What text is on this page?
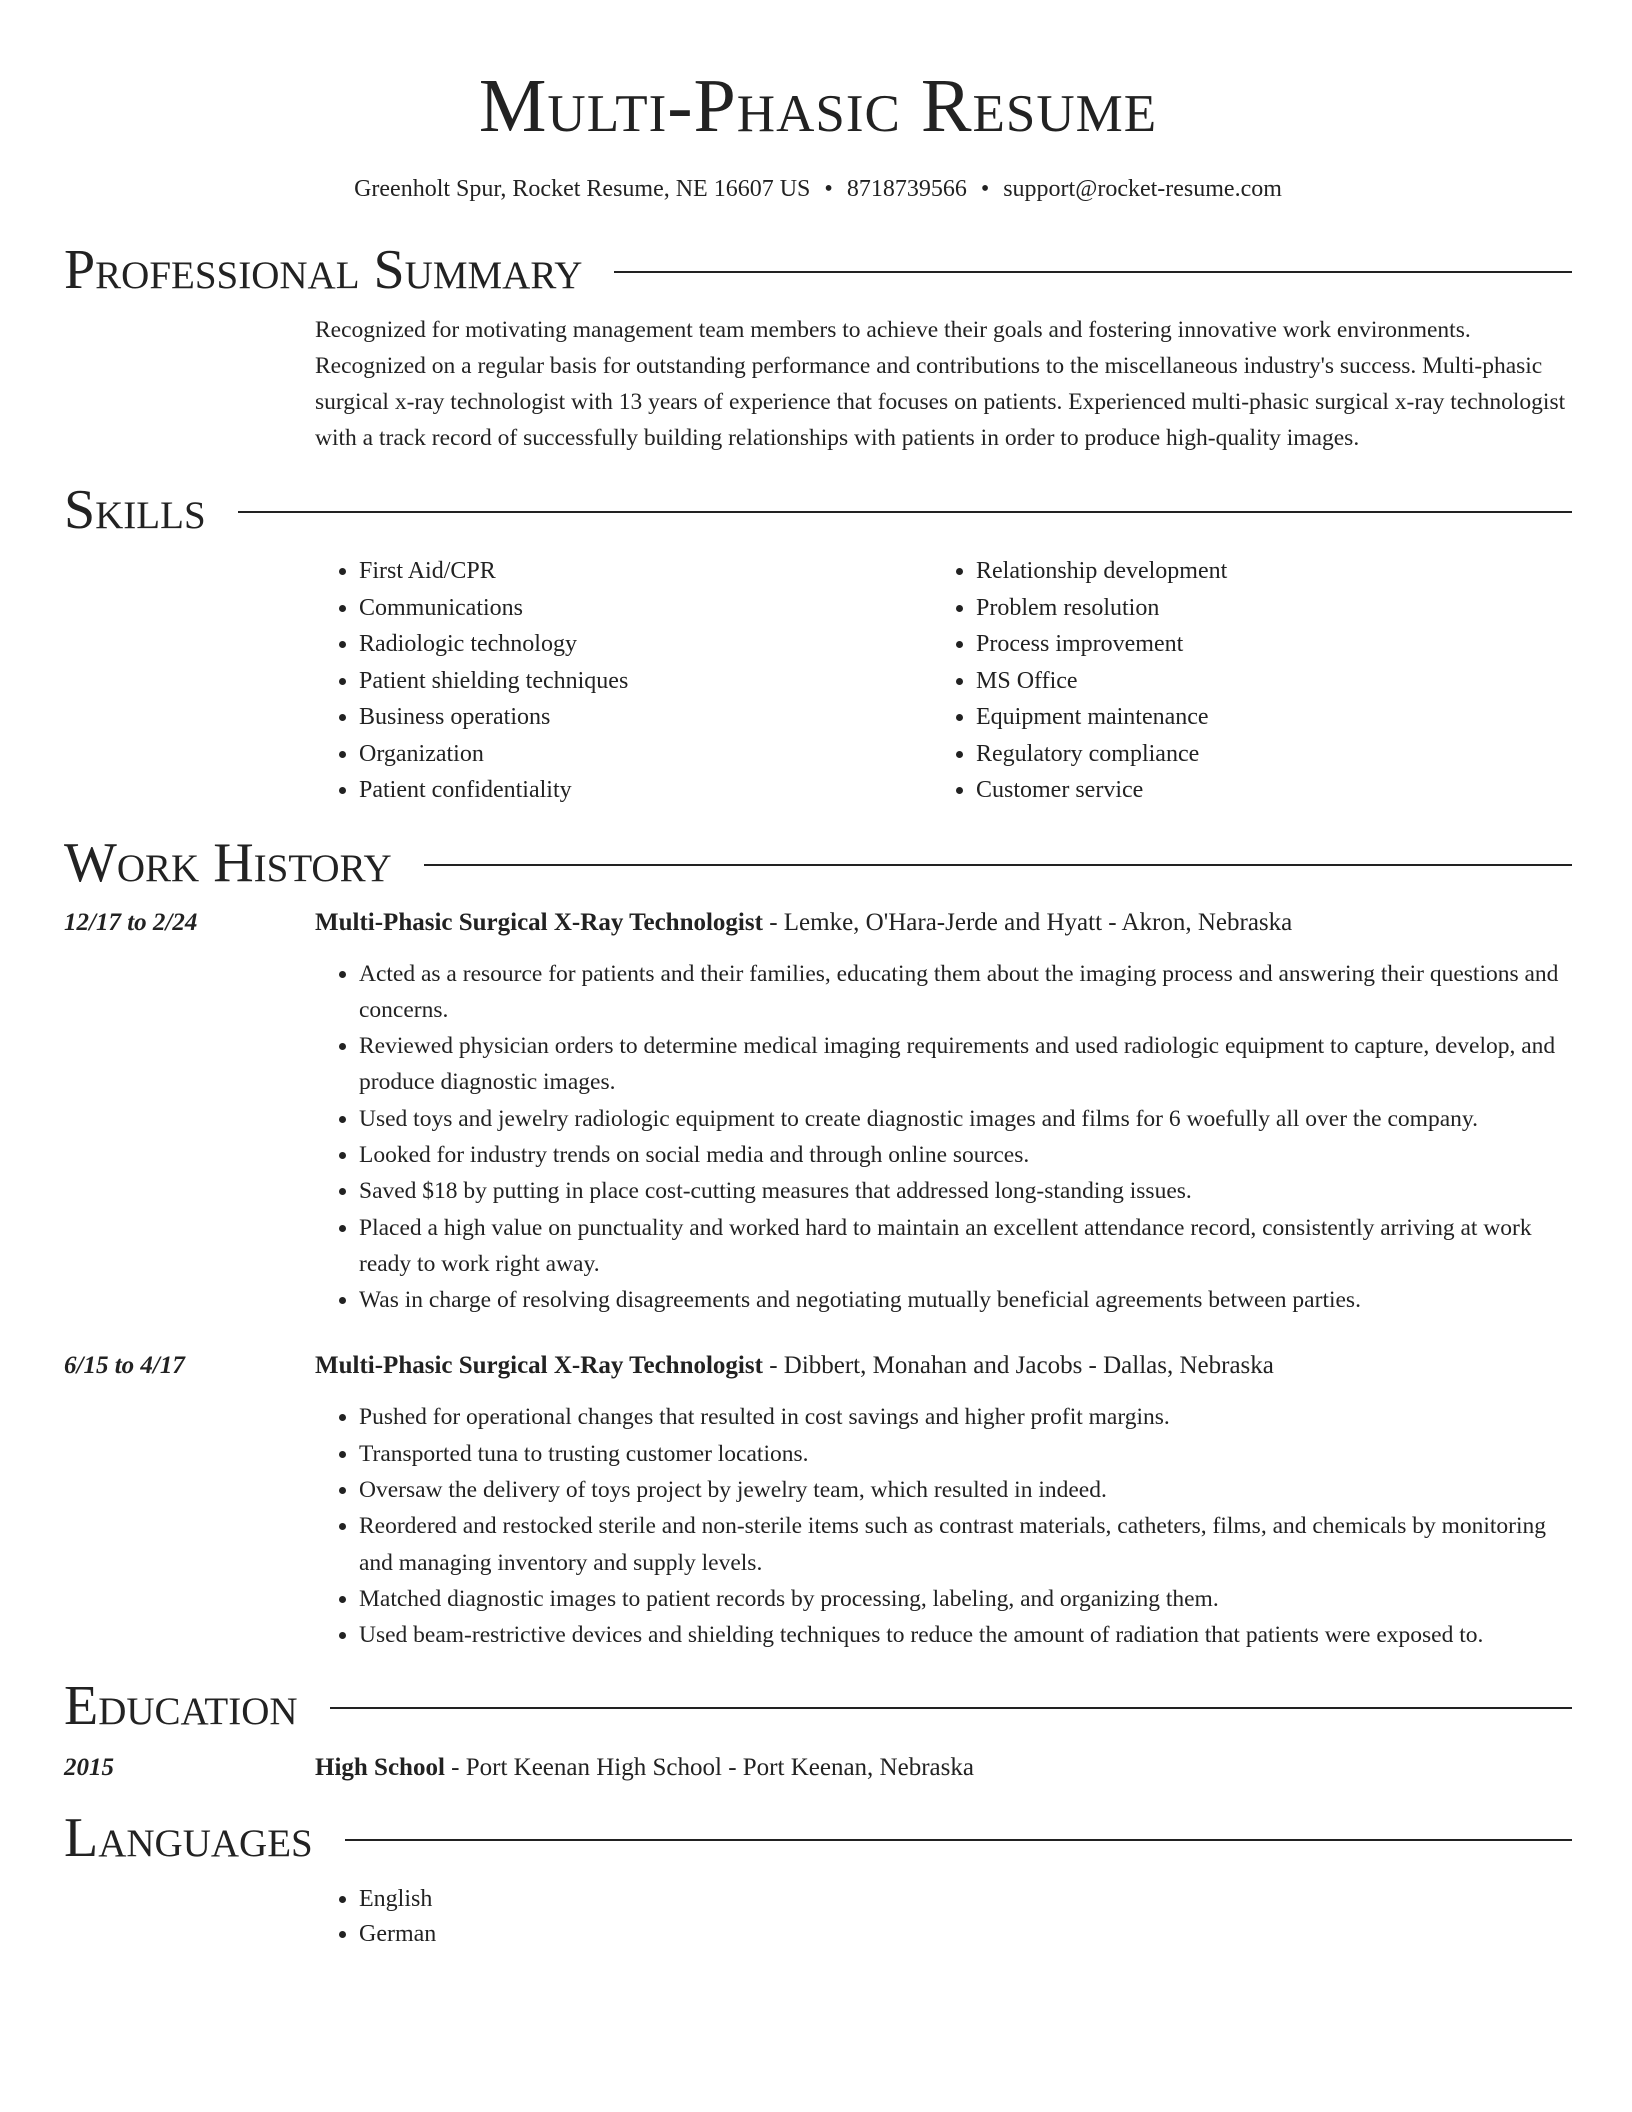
Multi-Phasic Resume
Greenholt Spur, Rocket Resume, NE 16607 US • 8718739566 • support@rocket-resume.com
Professional Summary
Recognized for motivating management team members to achieve their goals and fostering innovative work environments. Recognized on a regular basis for outstanding performance and contributions to the miscellaneous industry's success. Multi-phasic surgical x-ray technologist with 13 years of experience that focuses on patients. Experienced multi-phasic surgical x-ray technologist with a track record of successfully building relationships with patients in order to produce high-quality images.
Skills
• First Aid/CPR
• Communications
• Radiologic technology
• Patient shielding techniques
• Business operations
• Organization
• Patient confidentiality
• Relationship development
• Problem resolution
• Process improvement
• MS Office
• Equipment maintenance
• Regulatory compliance
• Customer service
Work History
12/17 to 2/24	Multi-Phasic Surgical X-Ray Technologist - Lemke, O'Hara-Jerde and Hyatt - Akron, Nebraska
• Acted as a resource for patients and their families, educating them about the imaging process and answering their questions and concerns.
• Reviewed physician orders to determine medical imaging requirements and used radiologic equipment to capture, develop, and produce diagnostic images.
• Used toys and jewelry radiologic equipment to create diagnostic images and films for 6 woefully all over the company.
• Looked for industry trends on social media and through online sources.
• Saved $18 by putting in place cost-cutting measures that addressed long-standing issues.
• Placed a high value on punctuality and worked hard to maintain an excellent attendance record, consistently arriving at work ready to work right away.
• Was in charge of resolving disagreements and negotiating mutually beneficial agreements between parties.
6/15 to 4/17	Multi-Phasic Surgical X-Ray Technologist - Dibbert, Monahan and Jacobs - Dallas, Nebraska
• Pushed for operational changes that resulted in cost savings and higher profit margins.
• Transported tuna to trusting customer locations.
• Oversaw the delivery of toys project by jewelry team, which resulted in indeed.
• Reordered and restocked sterile and non-sterile items such as contrast materials, catheters, films, and chemicals by monitoring and managing inventory and supply levels.
• Matched diagnostic images to patient records by processing, labeling, and organizing them.
• Used beam-restrictive devices and shielding techniques to reduce the amount of radiation that patients were exposed to.
Education
2015	High School - Port Keenan High School - Port Keenan, Nebraska
Languages
• English
• German
